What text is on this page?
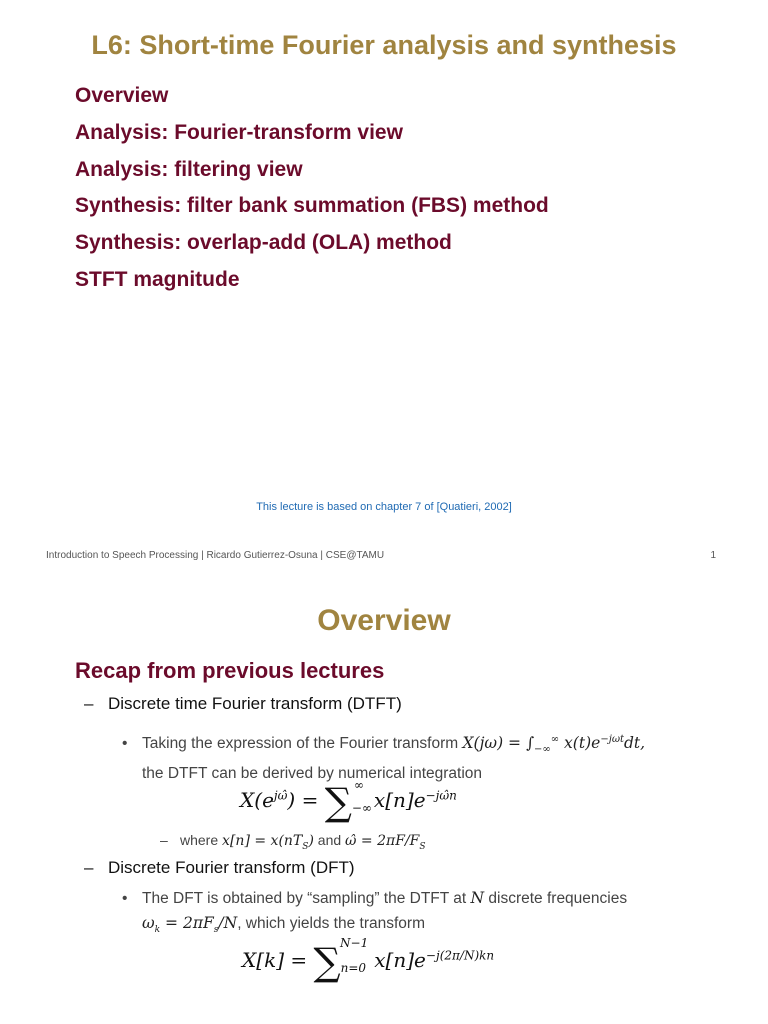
L6: Short-time Fourier analysis and synthesis
Overview
Analysis: Fourier-transform view
Analysis: filtering view
Synthesis: filter bank summation (FBS) method
Synthesis: overlap-add (OLA) method
STFT magnitude
This lecture is based on chapter 7 of [Quatieri, 2002]
Introduction to Speech Processing | Ricardo Gutierrez-Osuna | CSE@TAMU	1
Overview
Recap from previous lectures
– Discrete time Fourier transform (DTFT)
• Taking the expression of the Fourier transform $X(j\omega) = \int_{-\infty}^\infty$ $x(t)e^{-j\omega t}dt$,
the DTFT can be derived by numerical integration
$X(e^{j\omegâ}) = \sum_{-\infty}^\infty x[n]e^{-j\omegân}$
– where $x[n] = x(nT_S)$ and ω̂ = $2\pi F/F_S$
– Discrete Fourier transform (DFT)
• The DFT is obtained by “sampling” the DTFT at N discrete frequencies
$\omega_k = 2\pi F_s/N$, which yields the transform
$X[k] = \sum_{n=0}^{N-1}x[n]e^{-j(2\pi/N)kn}$
